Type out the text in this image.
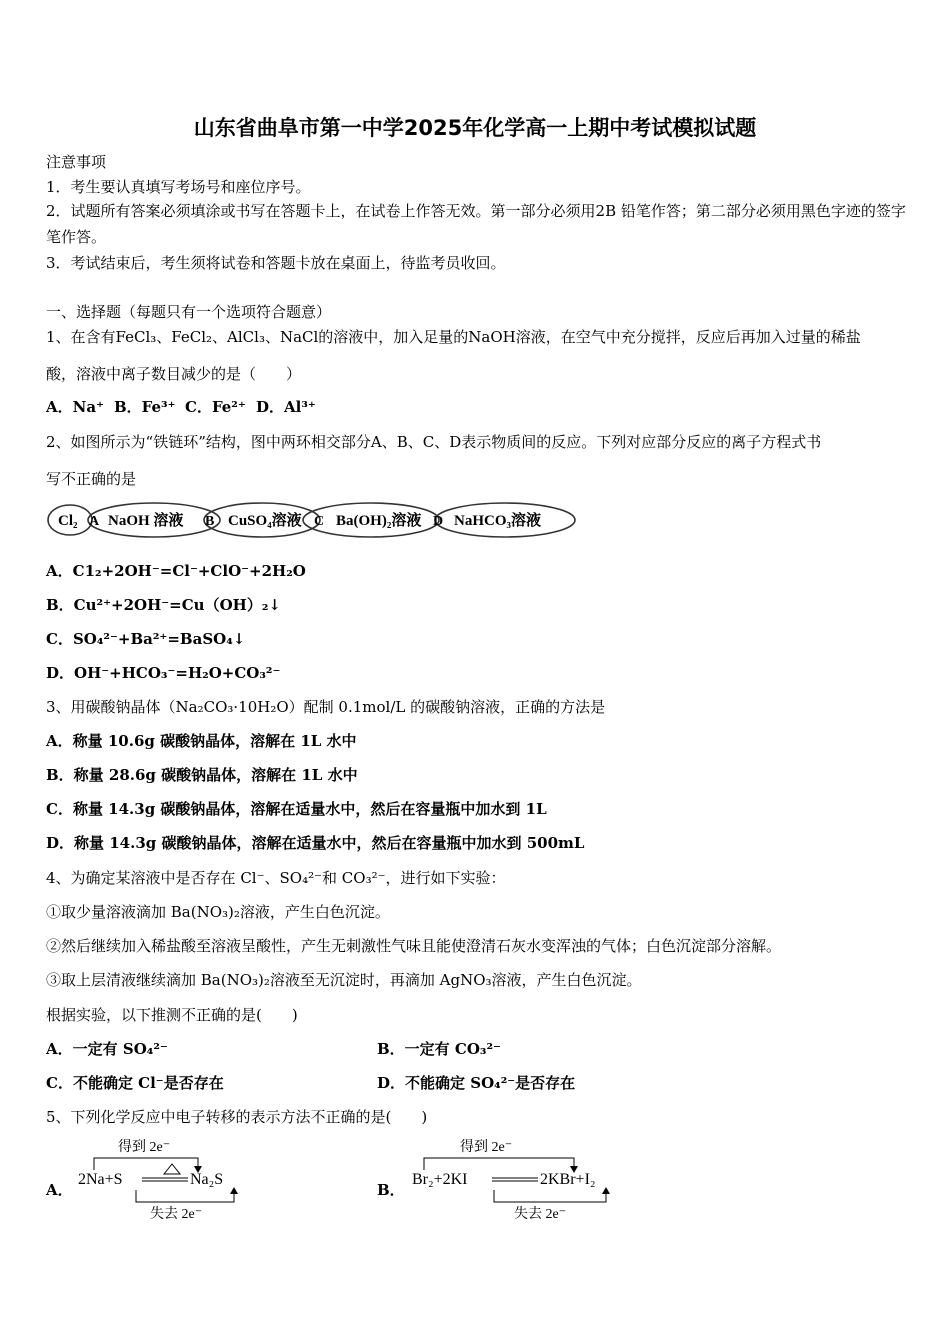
山东省曲阜市第一中学2025年化学高一上期中考试模拟试题
注意事项
1．考生要认真填写考场号和座位序号。
2．试题所有答案必须填涂或书写在答题卡上，在试卷上作答无效。第一部分必须用2B 铅笔作答；第二部分必须用黑色字迹的签字笔作答。
3．考试结束后，考生须将试卷和答题卡放在桌面上，待监考员收回。
一、选择题（每题只有一个选项符合题意）
1、在含有FeCl₃、FeCl₂、AlCl₃、NaCl的溶液中，加入足量的NaOH溶液，在空气中充分搅拌，反应后再加入过量的稀盐
酸，溶液中离子数目减少的是（　　）
A．Na⁺ B．Fe³⁺ C．Fe²⁺ D．Al³⁺
2、如图所示为“铁链环”结构，图中两环相交部分A、B、C、D表示物质间的反应。下列对应部分反应的离子方程式书
写不正确的是
Cl₂ NaOH 溶液	CuSO₄溶液 Ba(OH)₂溶液 NaHCO₃溶液
A	B	C	D
A．C1₂+2OH⁻=Cl⁻+ClO⁻+2H₂O
B．Cu²⁺+2OH⁻=Cu（OH）₂↓
C．SO₄²⁻+Ba²⁺=BaSO₄↓
D．OH⁻+HCO₃⁻=H₂O+CO₃²⁻
3、用碳酸钠晶体（Na₂CO₃·10H₂O）配制 0.1mol/L 的碳酸钠溶液，正确的方法是
A．称量 10.6g 碳酸钠晶体，溶解在 1L 水中
B．称量 28.6g 碳酸钠晶体，溶解在 1L 水中
C．称量 14.3g 碳酸钠晶体，溶解在适量水中，然后在容量瓶中加水到 1L
D．称量 14.3g 碳酸钠晶体，溶解在适量水中，然后在容量瓶中加水到 500mL
4、为确定某溶液中是否存在 Cl⁻、SO₄²⁻和 CO₃²⁻，进行如下实验：
①取少量溶液滴加 Ba(NO₃)₂溶液，产生白色沉淀。
②然后继续加入稀盐酸至溶液呈酸性，产生无刺激性气味且能使澄清石灰水变浑浊的气体；白色沉淀部分溶解。
③取上层清液继续滴加 Ba(NO₃)₂溶液至无沉淀时，再滴加 AgNO₃溶液，产生白色沉淀。
根据实验，以下推测不正确的是(　　)
A．一定有 SO₄²⁻	B．一定有 CO₃²⁻
C．不能确定 Cl⁻是否存在	D．不能确定 SO₄²⁻是否存在
5、下列化学反应中电子转移的表示方法不正确的是(　　)
A．
得到 2e⁻
2Na+S	Na₂S
失去 2e⁻
B．
得到 2e⁻
Br₂+2KI	2KBr+I₂
失去 2e⁻
